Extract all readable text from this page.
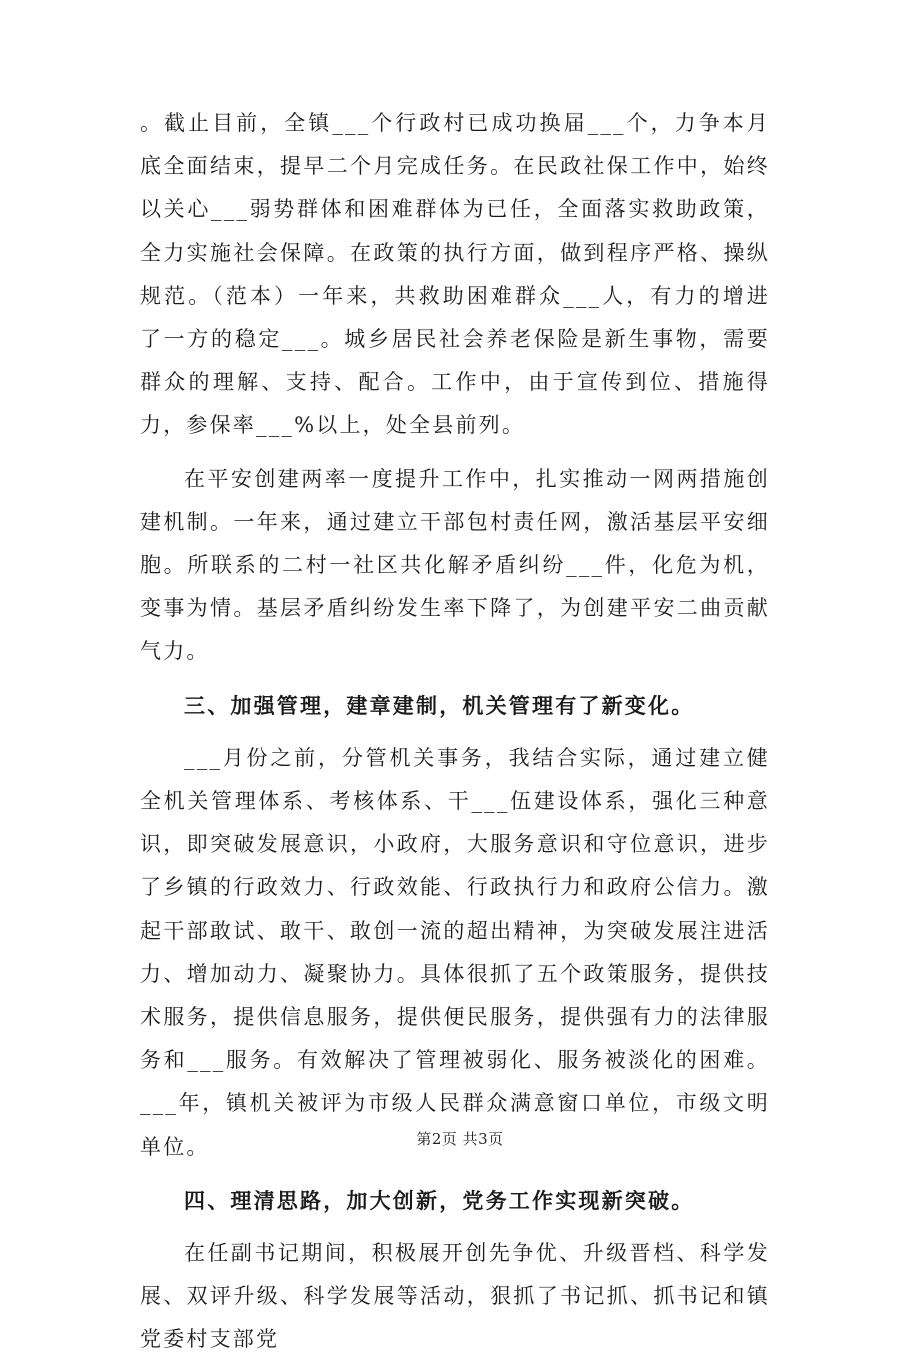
。截止目前，全镇___个行政村已成功换届___个，力争本月底全面结束，提早二个月完成任务。在民政社保工作中，始终以关心___弱势群体和困难群体为已任，全面落实救助政策，全力实施社会保障。在政策的执行方面，做到程序严格、操纵规范。（范本）一年来，共救助困难群众___人，有力的增进了一方的稳定___。城乡居民社会养老保险是新生事物，需要群众的理解、支持、配合。工作中，由于宣传到位、措施得力，参保率___%以上，处全县前列。

在平安创建两率一度提升工作中，扎实推动一网两措施创建机制。一年来，通过建立干部包村责任网，激活基层平安细胞。所联系的二村一社区共化解矛盾纠纷___件，化危为机，变事为情。基层矛盾纠纷发生率下降了，为创建平安二曲贡献气力。

三、加强管理，建章建制，机关管理有了新变化。

___月份之前，分管机关事务，我结合实际，通过建立健全机关管理体系、考核体系、干___伍建设体系，强化三种意识，即突破发展意识，小政府，大服务意识和守位意识，进步了乡镇的行政效力、行政效能、行政执行力和政府公信力。激起干部敢试、敢干、敢创一流的超出精神，为突破发展注进活力、增加动力、凝聚协力。具体很抓了五个政策服务，提供技术服务，提供信息服务，提供便民服务，提供强有力的法律服务和___服务。有效解决了管理被弱化、服务被淡化的困难。___年，镇机关被评为市级人民群众满意窗口单位，市级文明单位。

四、理清思路，加大创新，党务工作实现新突破。

在任副书记期间，积极展开创先争优、升级晋档、科学发展、双评升级、科学发展等活动，狠抓了书记抓、抓书记和镇党委村支部党

第2页 共3页
